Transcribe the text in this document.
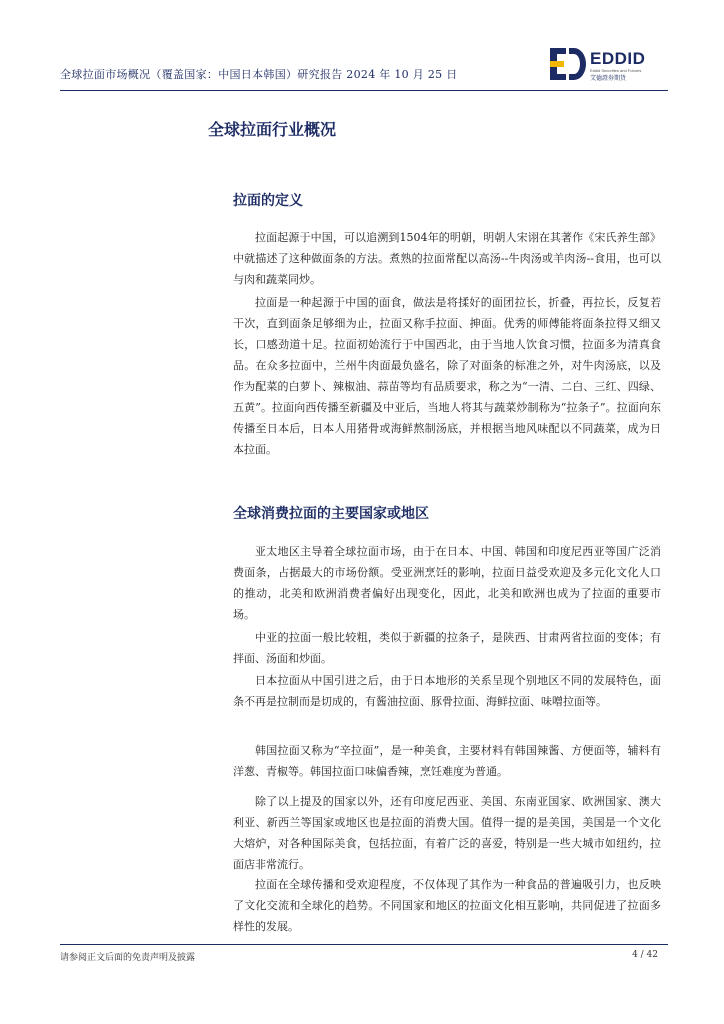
全球拉面市场概况（覆盖国家：中国日本韩国）研究报告 2024 年 10 月 25 日
EDDID
Eddid Securities and Futures
艾德證券期貨
全球拉面行业概况
拉面的定义

拉面起源于中国，可以追溯到1504年的明朝，明朝人宋诩在其著作《宋氏养生部》中就描述了这种做面条的方法。煮熟的拉面常配以高汤--牛肉汤或羊肉汤--食用，也可以与肉和蔬菜同炒。

拉面是一种起源于中国的面食，做法是将揉好的面团拉长，折叠，再拉长，反复若干次，直到面条足够细为止，拉面又称手拉面、抻面。优秀的师傅能将面条拉得又细又长，口感劲道十足。拉面初始流行于中国西北，由于当地人饮食习惯，拉面多为清真食品。在众多拉面中，兰州牛肉面最负盛名，除了对面条的标准之外，对牛肉汤底，以及作为配菜的白萝卜、辣椒油、蒜苗等均有品质要求，称之为“一清、二白、三红、四绿、五黄”。拉面向西传播至新疆及中亚后，当地人将其与蔬菜炒制称为“拉条子”。拉面向东传播至日本后，日本人用猪骨或海鲜熬制汤底，并根据当地风味配以不同蔬菜，成为日本拉面。

全球消费拉面的主要国家或地区

亚太地区主导着全球拉面市场，由于在日本、中国、韩国和印度尼西亚等国广泛消费面条，占据最大的市场份额。受亚洲烹饪的影响，拉面日益受欢迎及多元化文化人口的推动，北美和欧洲消费者偏好出现变化，因此，北美和欧洲也成为了拉面的重要市场。

中亚的拉面一般比较粗，类似于新疆的拉条子，是陕西、甘肃两省拉面的变体；有拌面、汤面和炒面。

日本拉面从中国引进之后，由于日本地形的关系呈现个别地区不同的发展特色，面条不再是拉制而是切成的，有酱油拉面、豚骨拉面、海鲜拉面、味噌拉面等。

韩国拉面又称为“辛拉面”，是一种美食，主要材料有韩国辣酱、方便面等，辅料有洋葱、青椒等。韩国拉面口味偏香辣，烹饪难度为普通。

除了以上提及的国家以外，还有印度尼西亚、美国、东南亚国家、欧洲国家、澳大利亚、新西兰等国家或地区也是拉面的消费大国。值得一提的是美国，美国是一个文化大熔炉，对各种国际美食，包括拉面，有着广泛的喜爱，特别是一些大城市如纽约，拉面店非常流行。

拉面在全球传播和受欢迎程度，不仅体现了其作为一种食品的普遍吸引力，也反映了文化交流和全球化的趋势。不同国家和地区的拉面文化相互影响，共同促进了拉面多样性的发展。

请参阅正文后面的免责声明及披露	4 / 42
